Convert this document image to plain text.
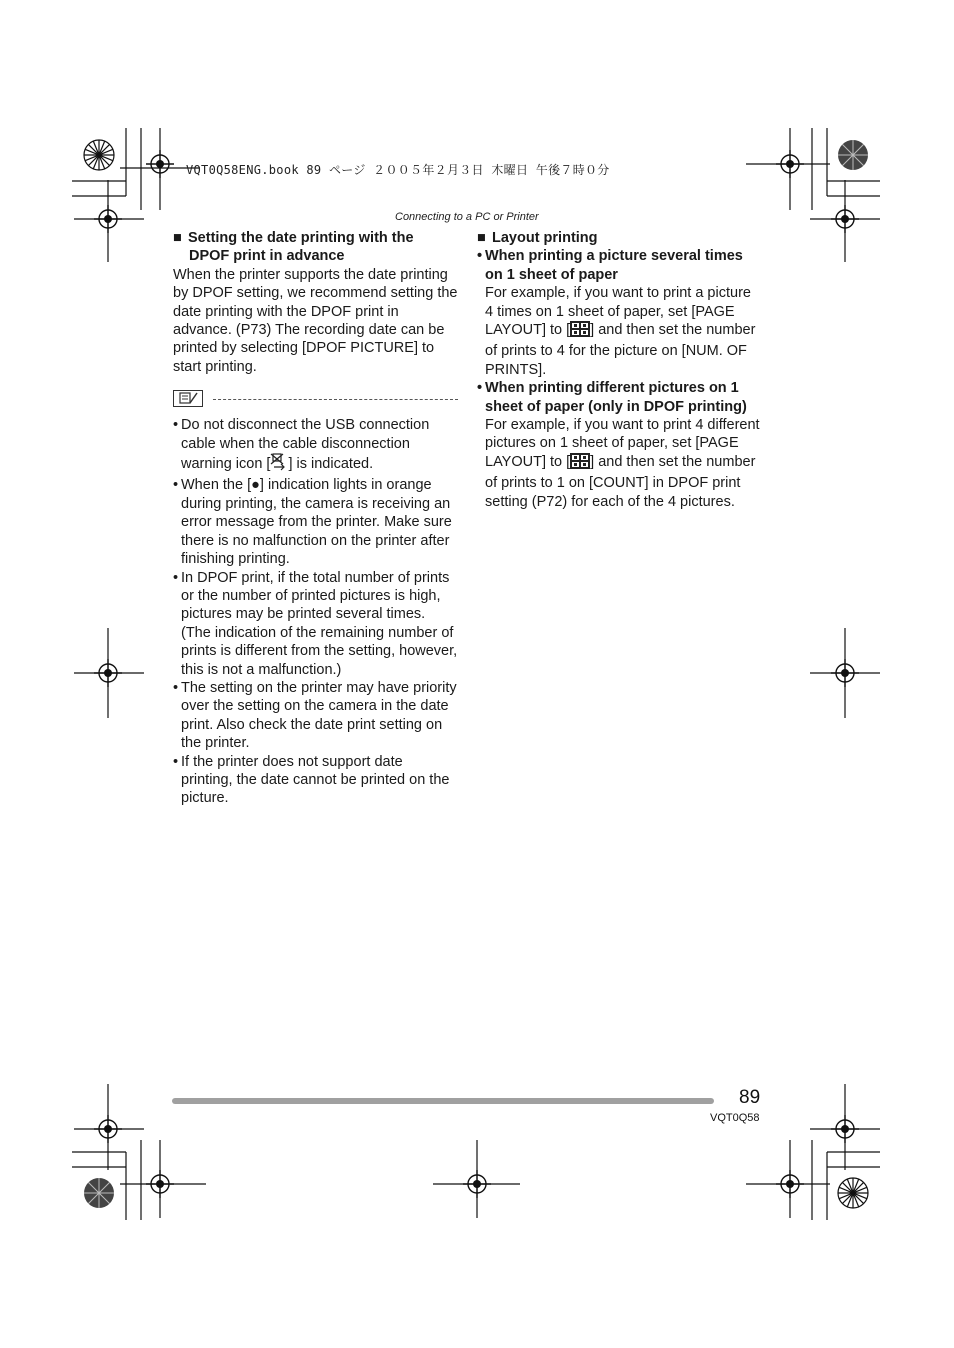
VQT0Q58ENG.book 89 ページ ２００５年２月３日 木曜日 午後７時０分
Connecting to a PC or Printer
■ Setting the date printing with the
DPOF print in advance

When the printer supports the date printing by DPOF setting, we recommend setting the date printing with the DPOF print in advance. (P73) The recording date can be printed by selecting [DPOF PICTURE] to start printing.

• Do not disconnect the USB connection cable when the cable disconnection warning icon [ ] is indicated.
• When the [●] indication lights in orange during printing, the camera is receiving an error message from the printer. Make sure there is no malfunction on the printer after finishing printing.
• In DPOF print, if the total number of prints or the number of printed pictures is high, pictures may be printed several times. (The indication of the remaining number of prints is different from the setting, however, this is not a malfunction.)
• The setting on the printer may have priority over the setting on the camera in the date print. Also check the date print setting on the printer.
• If the printer does not support date printing, the date cannot be printed on the picture.
■ Layout printing
• When printing a picture several times on 1 sheet of paper
For example, if you want to print a picture 4 times on 1 sheet of paper, set [PAGE LAYOUT] to [ ] and then set the number of prints to 4 for the picture on [NUM. OF PRINTS].
• When printing different pictures on 1 sheet of paper (only in DPOF printing)
For example, if you want to print 4 different pictures on 1 sheet of paper, set [PAGE LAYOUT] to [ ] and then set the number of prints to 1 on [COUNT] in DPOF print setting (P72) for each of the 4 pictures.
89
VQT0Q58
